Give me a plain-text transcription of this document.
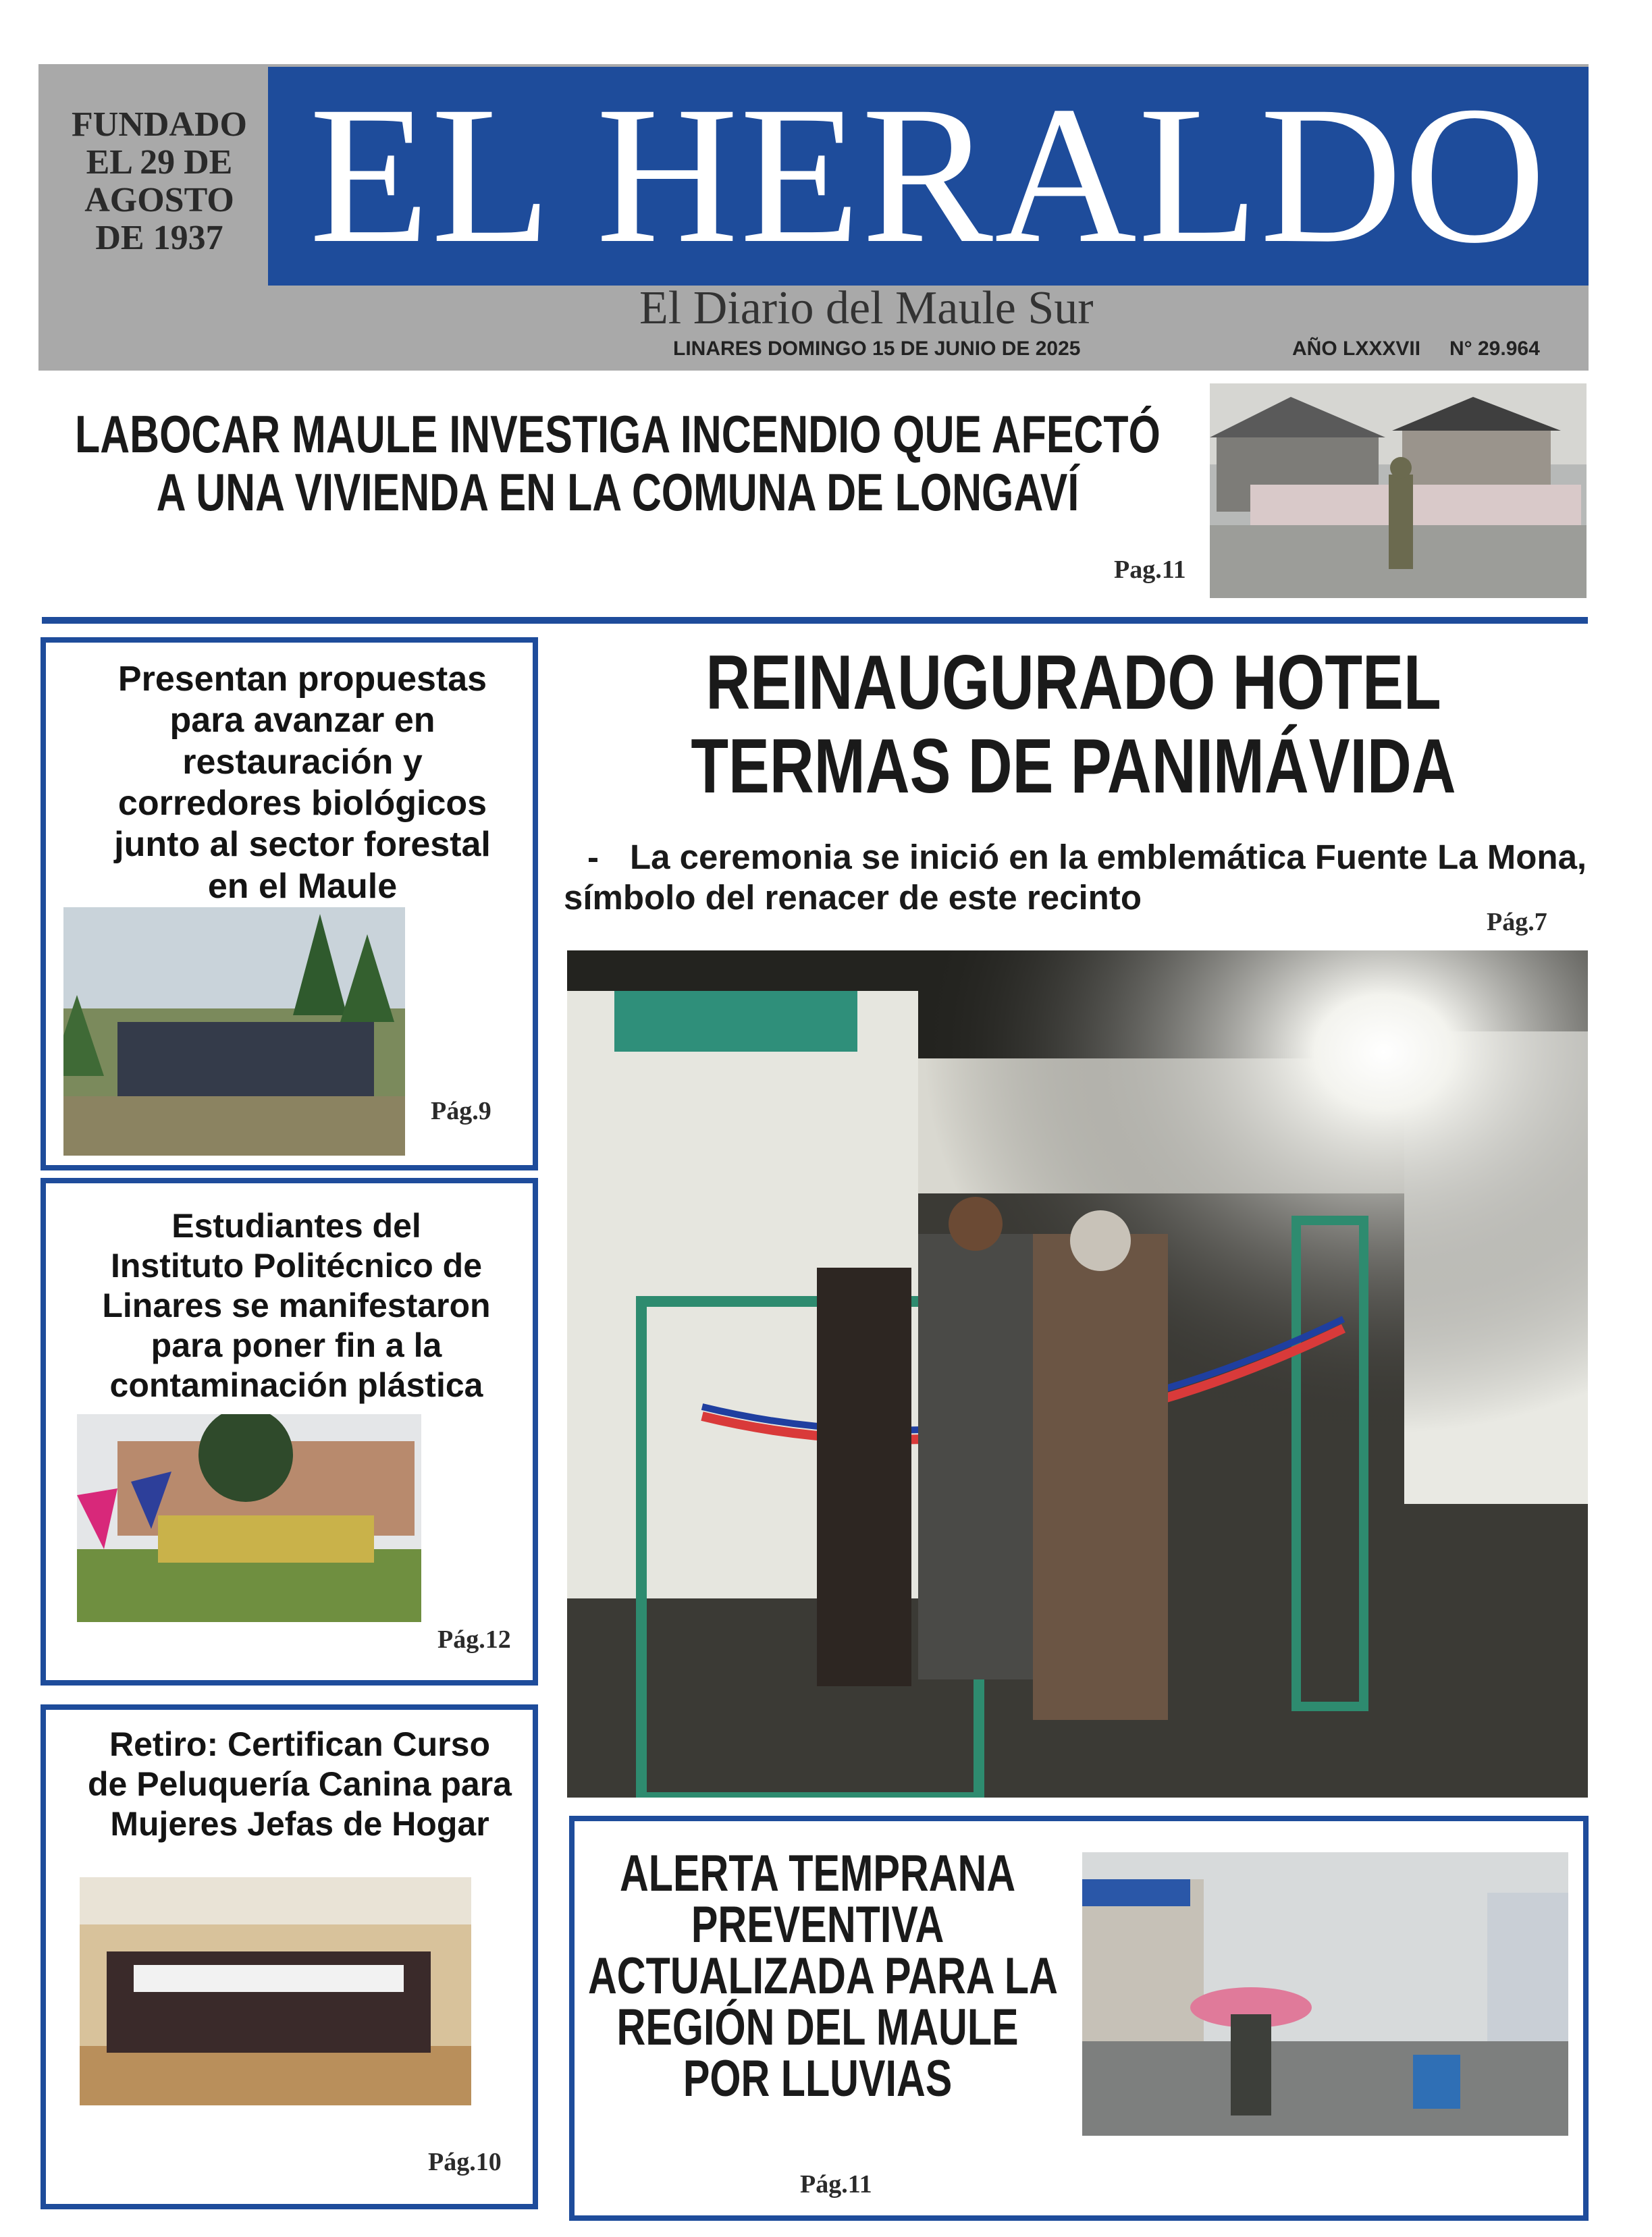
FUNDADO
EL 29 DE
AGOSTO
DE 1937 EL HERALDO
El Diario del Maule Sur
LINARES DOMINGO 15 DE JUNIO DE 2025	AÑO LXXXVII N° 29.964
LABOCAR MAULE INVESTIGA INCENDIO QUE AFECTÓ
A UNA VIVIENDA EN LA COMUNA DE LONGAVÍ
Pag.11
Presentan propuestas
para avanzar en
restauración y
corredores biológicos
junto al sector forestal
en el Maule
Pág.9
Estudiantes del
Instituto Politécnico de
Linares se manifestaron
para poner fin a la
contaminación plástica
Pág.12
Retiro: Certifican Curso
de Peluquería Canina para
Mujeres Jefas de Hogar
Pág.10
REINAUGURADO HOTEL
TERMAS DE PANIMÁVIDA
- La ceremonia se inició en la emblemática Fuente La Mona, símbolo del renacer de este recinto
Pág.7
ALERTA TEMPRANA
PREVENTIVA
ACTUALIZADA PARA LA
REGIÓN DEL MAULE
POR LLUVIAS
Pág.11
